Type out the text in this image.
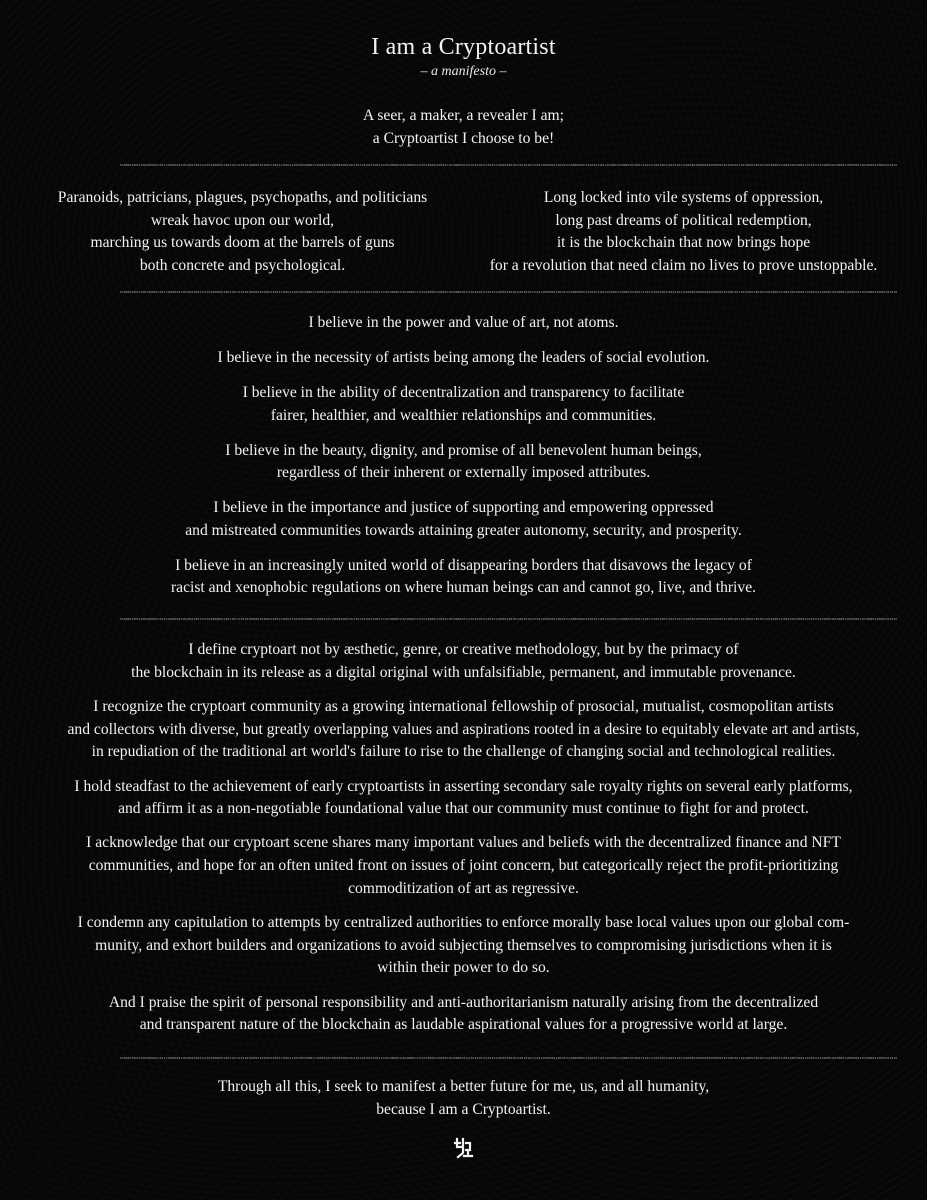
I am a Cryptoartist
– a manifesto –

A seer, a maker, a revealer I am;
a Cryptoartist I choose to be!

0100001001110010000110111100001011010011001111011000001100110111011010000110100110101110011110100100001110001101100001000101101110101110011110100000110100001111011000011001011010000101110110101110101110001100101101101011101110000011001011100000001101010110111010011100001010011110111010100110101101110010010000010100001010100101110100011001011010100111001100100011101011110100010100001100001011010000110001011010
Paranoids, patricians, plagues, psychopaths, and politicians
wreak havoc upon our world,
marching us towards doom at the barrels of guns
both concrete and psychological.
Long locked into vile systems of oppression,
long past dreams of political redemption,
it is the blockchain that now brings hope
for a revolution that need claim no lives to prove unstoppable.
0100001001110010000110111100001011010011001111011000001100110111011010000110100110101110011110100100001110001101100001000101101110101110011110100000110100001111011000011001011010000101110110101110101110001100101101101011101110000011001011100000001101010110111010011100001010011110111010100110101101110010010000010100001010100101110100011001011010100111001100100011101011110100010100001100001011010000110001011010

I believe in the power and value of art, not atoms.

I believe in the necessity of artists being among the leaders of social evolution.

I believe in the ability of decentralization and transparency to facilitate
fairer, healthier, and wealthier relationships and communities.

I believe in the beauty, dignity, and promise of all benevolent human beings,
regardless of their inherent or externally imposed attributes.

I believe in the importance and justice of supporting and empowering oppressed
and mistreated communities towards attaining greater autonomy, security, and prosperity.

I believe in an increasingly united world of disappearing borders that disavows the legacy of
racist and xenophobic regulations on where human beings can and cannot go, live, and thrive.

0100001001110010000110111100001011010011001111011000001100110111011010000110100110101110011110100100001110001101100001000101101110101110011110100000110100001111011000011001011010000101110110101110101110001100101101101011101110000011001011100000001101010110111010011100001010011110111010100110101101110010010000010100001010100101110100011001011010100111001100100011101011110100010100001100001011010000110001011010

I define cryptoart not by æsthetic, genre, or creative methodology, but by the primacy of
the blockchain in its release as a digital original with unfalsifiable, permanent, and immutable provenance.

I recognize the cryptoart community as a growing international fellowship of prosocial, mutualist, cosmopolitan artists
and collectors with diverse, but greatly overlapping values and aspirations rooted in a desire to equitably elevate art and artists,
in repudiation of the traditional art world's failure to rise to the challenge of changing social and technological realities.

I hold steadfast to the achievement of early cryptoartists in asserting secondary sale royalty rights on several early platforms,
and affirm it as a non-negotiable foundational value that our community must continue to fight for and protect.

I acknowledge that our cryptoart scene shares many important values and beliefs with the decentralized finance and NFT
communities, and hope for an often united front on issues of joint concern, but categorically reject the profit-prioritizing
commoditization of art as regressive.

I condemn any capitulation to attempts by centralized authorities to enforce morally base local values upon our global com-
munity, and exhort builders and organizations to avoid subjecting themselves to compromising jurisdictions when it is
within their power to do so.

And I praise the spirit of personal responsibility and anti-authoritarianism naturally arising from the decentralized
and transparent nature of the blockchain as laudable aspirational values for a progressive world at large.

0100001001110010000110111100001011010011001111011000001100110111011010000110100110101110011110100100001110001101100001000101101110101110011110100000110100001111011000011001011010000101110110101110101110001100101101101011101110000011001011100000001101010110111010011100001010011110111010100110101101110010010000010100001010100101110100011001011010100111001100100011101011110100010100001100001011010000110001011010
Through all this, I seek to manifest a better future for me, us, and all humanity,
because I am a Cryptoartist.
